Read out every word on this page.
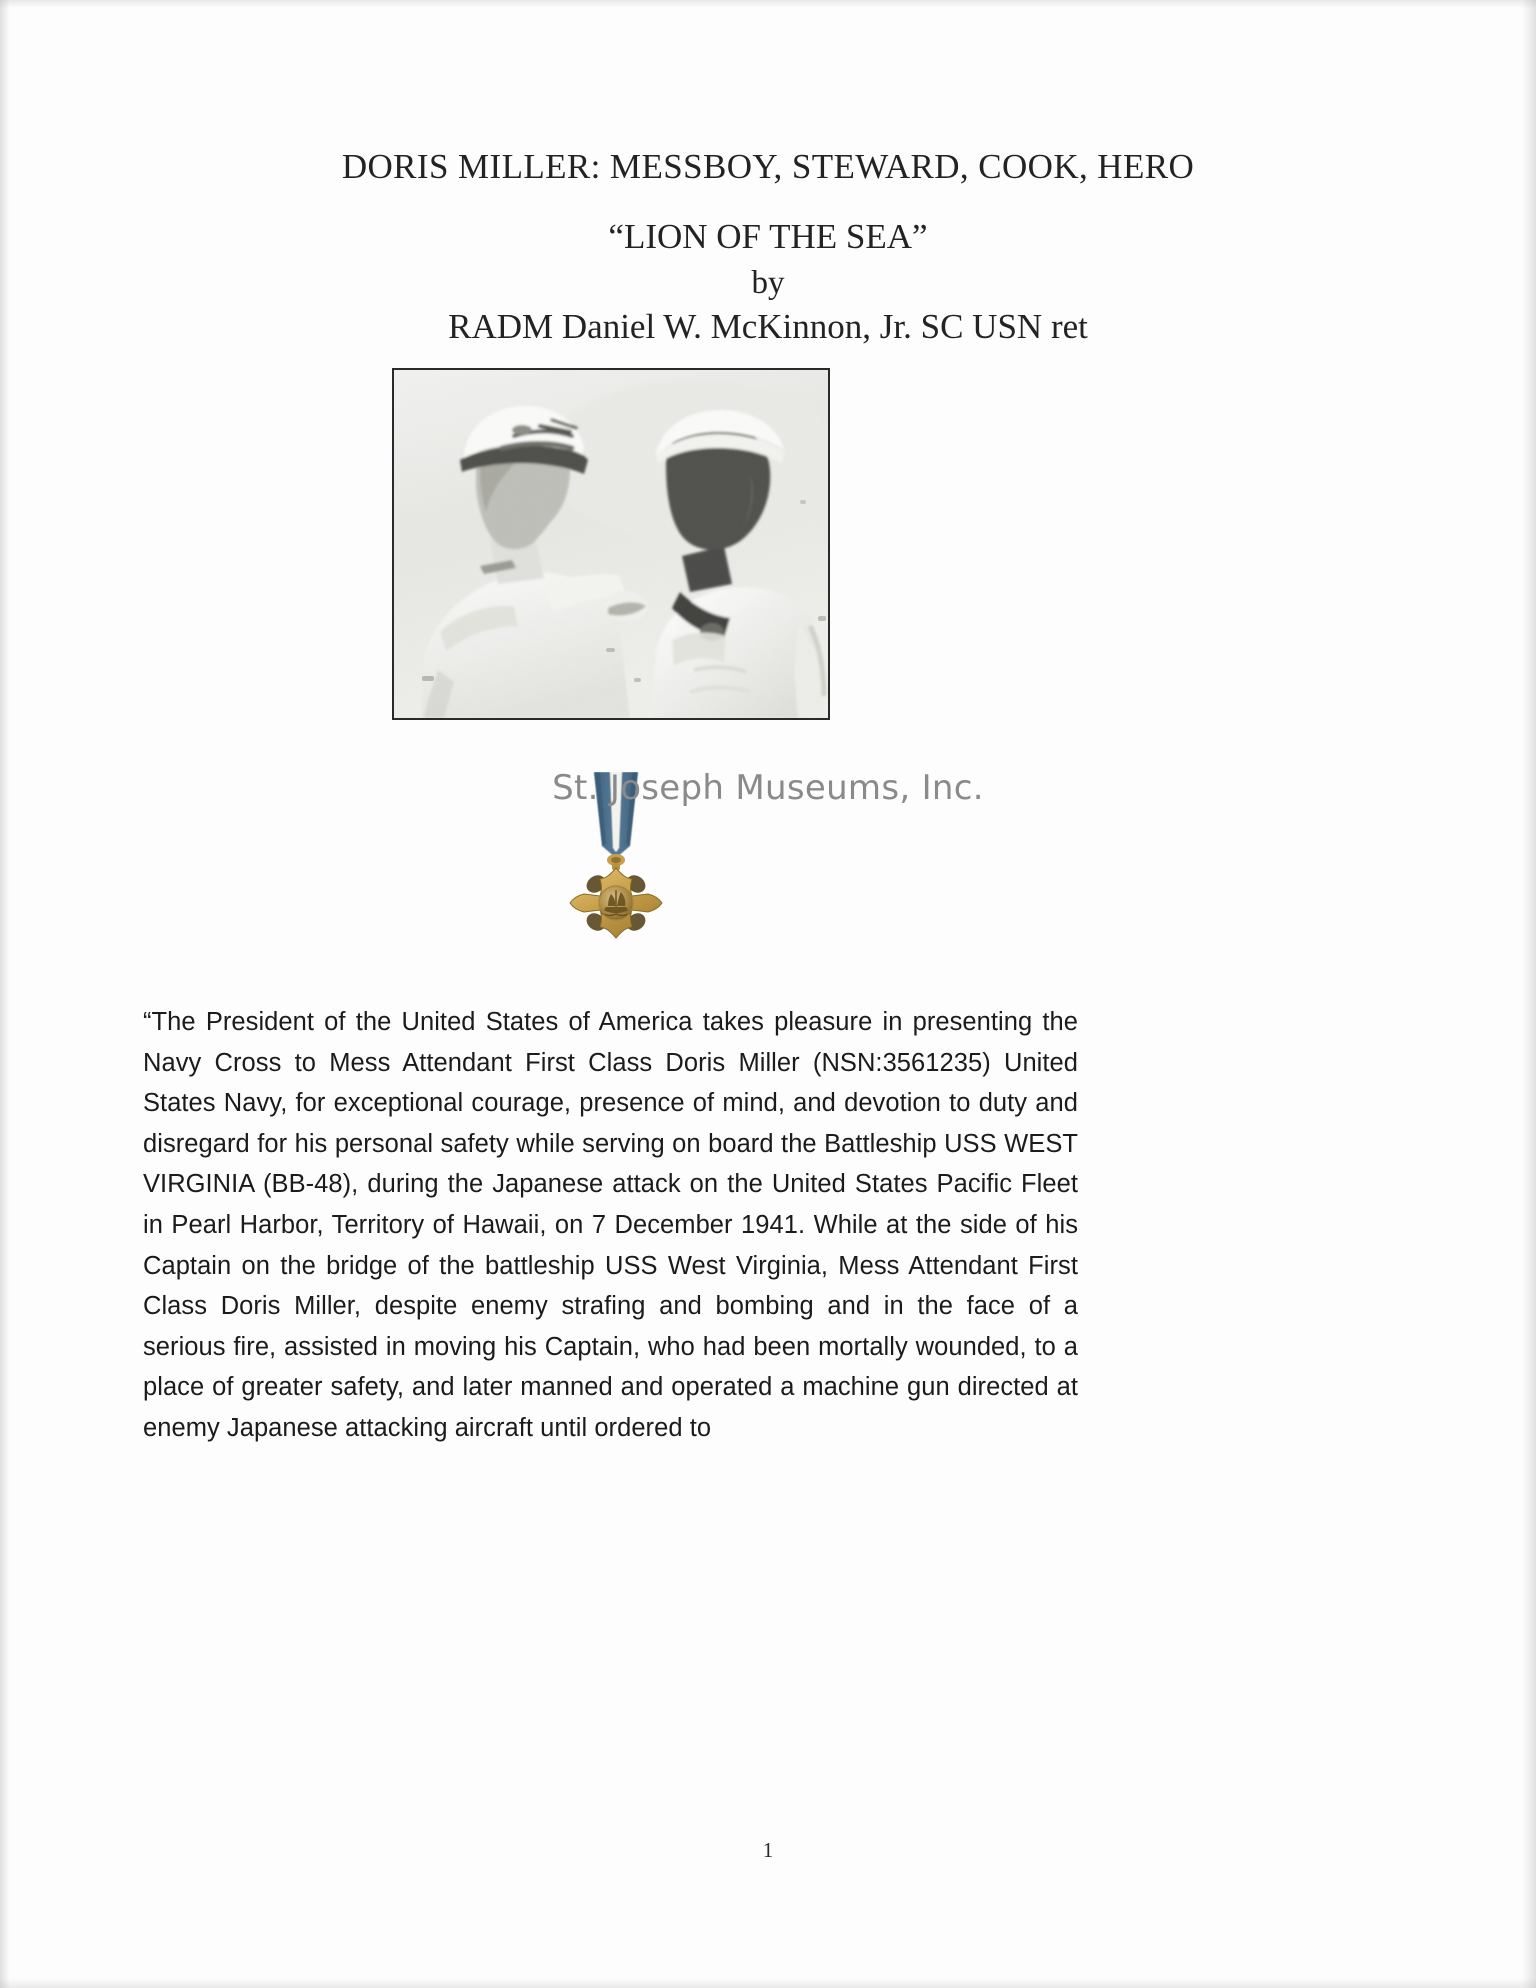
DORIS MILLER: MESSBOY, STEWARD, COOK, HERO
“LION OF THE SEA”
by
RADM Daniel W. McKinnon, Jr. SC USN ret
St. Joseph Museums, Inc.

“The President of the United States of America takes pleasure in presenting the Navy Cross to Mess Attendant First Class Doris Miller (NSN:3561235) United States Navy, for exceptional courage, presence of mind, and devotion to duty and disregard for his personal safety while serving on board the Battleship USS WEST VIRGINIA (BB-48), during the Japanese attack on the United States Pacific Fleet in Pearl Harbor, Territory of Hawaii, on 7 December 1941. While at the side of his Captain on the bridge of the battleship USS West Virginia, Mess Attendant First Class Doris Miller, despite enemy strafing and bombing and in the face of a serious fire, assisted in moving his Captain, who had been mortally wounded, to a place of greater safety, and later manned and operated a machine gun directed at enemy Japanese attacking aircraft until ordered to

1
